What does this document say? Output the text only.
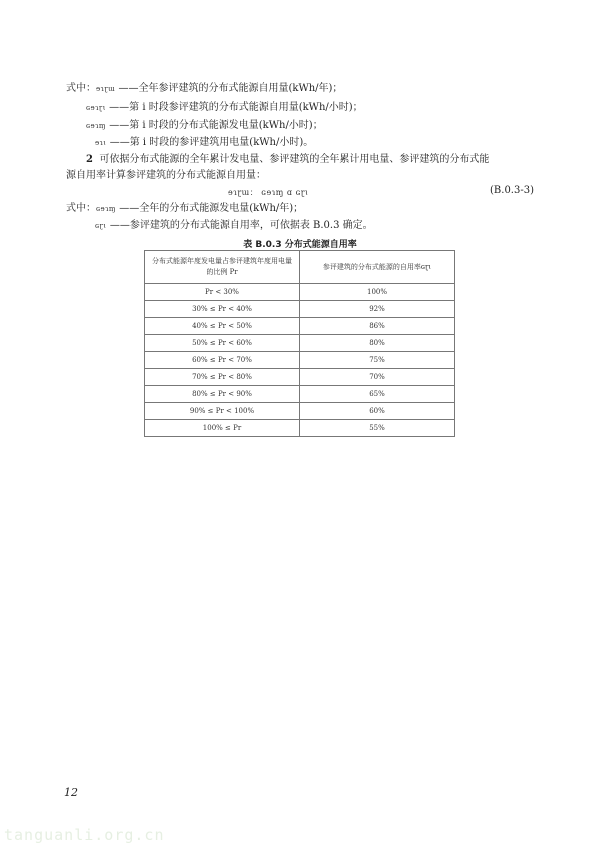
式中：ɘɿɽɯ ——全年参评建筑的分布式能源自用量(kWh/年)；
ɢɘɿɽɩ ——第 i 时段参评建筑的分布式能源自用量(kWh/小时)；
ɢɘɿɱ ——第 i 时段的分布式能源发电量(kWh/小时)；
ɘɿɩ ——第 i 时段的参评建筑用电量(kWh/小时)。
2 可依据分布式能源的全年累计发电量、参评建筑的全年累计用电量、参评建筑的分布式能
源自用率计算参评建筑的分布式能源自用量：
ɘɿɽɯ： ɢɘɿɱ ɑ ɢɽɩ	(B.0.3-3)
式中：ɢɘɿɱ ——全年的分布式能源发电量(kWh/年)；
ɢɽɩ ——参评建筑的分布式能源自用率，可依据表 B.0.3 确定。
表 B.0.3 分布式能源自用率
分布式能源年度发电量占参评建筑年度用电量的比例 Pr	参评建筑的分布式能源的自用率ɢɽɩ
Pr < 30%	100%
30% ≤ Pr < 40%	92%
40% ≤ Pr < 50%	86%
50% ≤ Pr < 60%	80%
60% ≤ Pr < 70%	75%
70% ≤ Pr < 80%	70%
80% ≤ Pr < 90%	65%
90% ≤ Pr < 100%	60%
100% ≤ Pr	55%
12
tanguanli.org.cn
